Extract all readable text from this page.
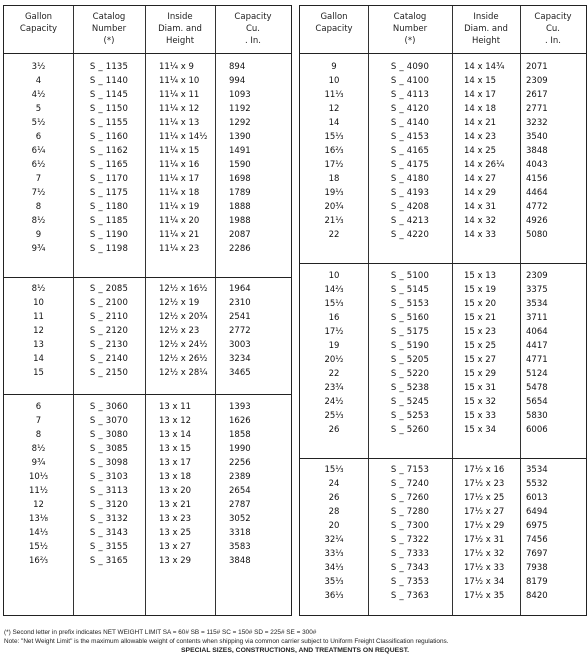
Gallon
Capacity
Catalog
Number
(*)
Inside
Diam. and
Height
Capacity
Cu.
. In.
3½	S _ 1135	11¼ x 9	894
4	S _ 1140	11¼ x 10	994
4½	S _ 1145	11¼ x 11	1093
5	S _ 1150	11¼ x 12	1192
5½	S _ 1155	11¼ x 13	1292
6	S _ 1160	11¼ x 14½	1390
6¼	S _ 1162	11¼ x 15	1491
6½	S _ 1165	11¼ x 16	1590
7	S _ 1170	11¼ x 17	1698
7½	S _ 1175	11¼ x 18	1789
8	S _ 1180	11¼ x 19	1888
8½	S _ 1185	11¼ x 20	1988
9	S _ 1190	11¼ x 21	2087
9¾	S _ 1198	11¼ x 23	2286
8½	S _ 2085	12½ x 16½	1964
10	S _ 2100	12½ x 19	2310
11	S _ 2110	12½ x 20¾	2541
12	S _ 2120	12½ x 23	2772
13	S _ 2130	12½ x 24½	3003
14	S _ 2140	12½ x 26½	3234
15	S _ 2150	12½ x 28¼	3465
6	S _ 3060	13 x 11	1393
7	S _ 3070	13 x 12	1626
8	S _ 3080	13 x 14	1858
8½	S _ 3085	13 x 15	1990
9¾	S _ 3098	13 x 17	2256
10⅓	S _ 3103	13 x 18	2389
11½	S _ 3113	13 x 20	2654
12	S _ 3120	13 x 21	2787
13⅛	S _ 3132	13 x 23	3052
14⅓	S _ 3143	13 x 25	3318
15½	S _ 3155	13 x 27	3583
16⅔	S _ 3165	13 x 29	3848
Gallon
Capacity
Catalog
Number
(*)
Inside
Diam. and
Height
Capacity
Cu.
. In.
9	S _ 4090	14 x 14¾	2071
10	S _ 4100	14 x 15	2309
11⅓	S _ 4113	14 x 17	2617
12	S _ 4120	14 x 18	2771
14	S _ 4140	14 x 21	3232
15⅓	S _ 4153	14 x 23	3540
16⅔	S _ 4165	14 x 25	3848
17½	S _ 4175	14 x 26¼	4043
18	S _ 4180	14 x 27	4156
19⅓	S _ 4193	14 x 29	4464
20¾	S _ 4208	14 x 31	4772
21⅓	S _ 4213	14 x 32	4926
22	S _ 4220	14 x 33	5080
10	S _ 5100	15 x 13	2309
14⅔	S _ 5145	15 x 19	3375
15⅓	S _ 5153	15 x 20	3534
16	S _ 5160	15 x 21	3711
17½	S _ 5175	15 x 23	4064
19	S _ 5190	15 x 25	4417
20½	S _ 5205	15 x 27	4771
22	S _ 5220	15 x 29	5124
23¾	S _ 5238	15 x 31	5478
24½	S _ 5245	15 x 32	5654
25⅓	S _ 5253	15 x 33	5830
26	S _ 5260	15 x 34	6006
15⅓	S _ 7153	17½ x 16	3534
24	S _ 7240	17½ x 23	5532
26	S _ 7260	17½ x 25	6013
28	S _ 7280	17½ x 27	6494
20	S _ 7300	17½ x 29	6975
32¼	S _ 7322	17½ x 31	7456
33⅓	S _ 7333	17½ x 32	7697
34⅓	S _ 7343	17½ x 33	7938
35⅓	S _ 7353	17½ x 34	8179
36⅓	S _ 7363	17½ x 35	8420
(*) Second letter in prefix indicates NET WEIGHT LIMIT SA = 60# SB = 115# SC = 150# SD = 225# SE = 300#
Note: "Net Weight Limit" is the maximum allowable weight of contents when shipping via common carrier subject to Uniform Freight Classification regulations.
SPECIAL SIZES, CONSTRUCTIONS, AND TREATMENTS ON REQUEST.
